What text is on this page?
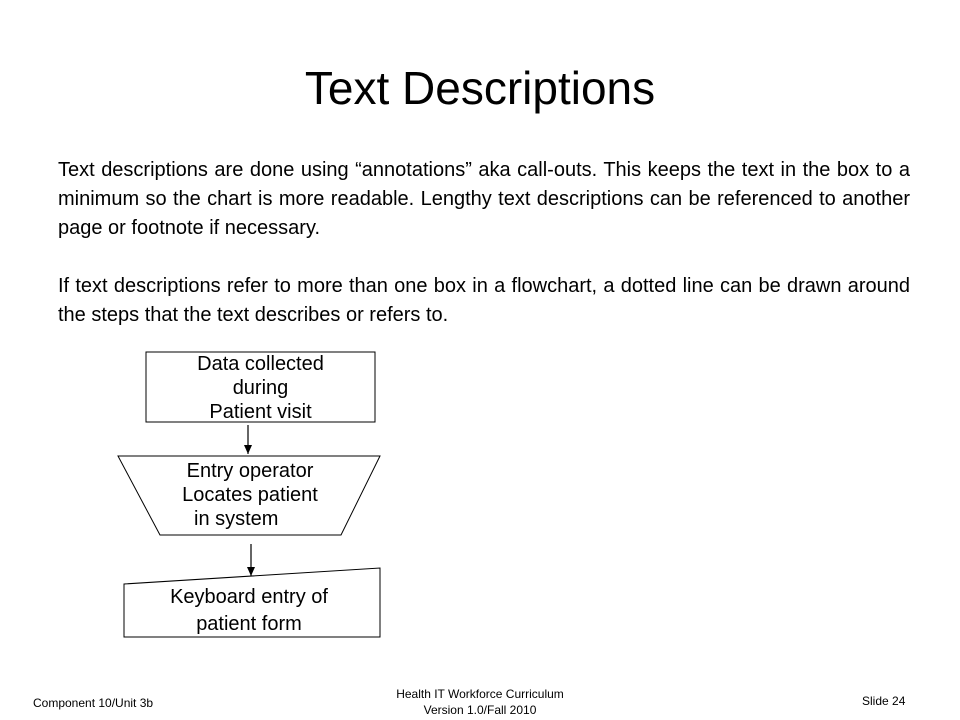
Text Descriptions

Text descriptions are done using “annotations” aka call-outs. This keeps the text in the box to a minimum so the chart is more readable. Lengthy text descriptions can be referenced to another page or footnote if necessary.

If text descriptions refer to more than one box in a flowchart, a dotted line can be drawn around the steps that the text describes or refers to.

Data collected
during
Patient visit
Entry operator
Locates patient
in system
Keyboard entry of
patient form
Component 10/Unit 3b
Health IT Workforce Curriculum
Version 1.0/Fall 2010
Slide 24
